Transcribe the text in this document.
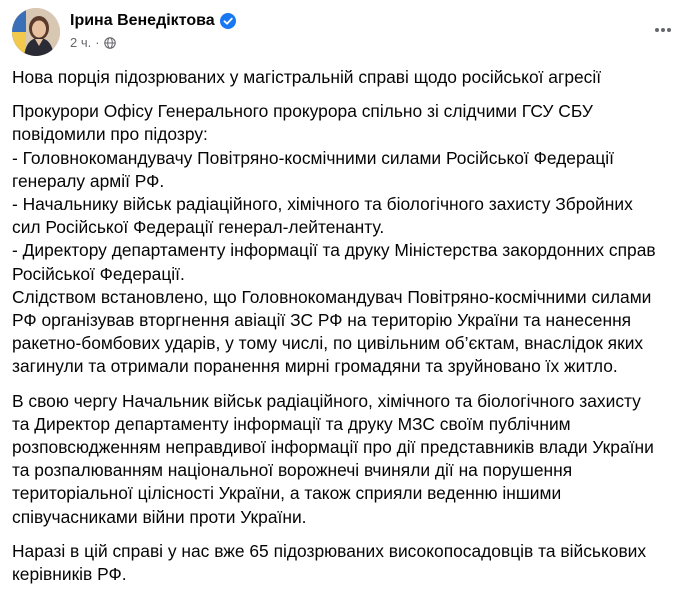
Ірина Венедіктова
2 ч. ·

Нова порція підозрюваних у магістральній справі щодо російської агресії

Прокурори Офісу Генерального прокурора спільно зі слідчими ГСУ СБУ
повідомили про підозру:
- Головнокомандувачу Повітряно-космічними силами Російської Федерації
генералу армії РФ.
- Начальнику військ радіаційного, хімічного та біологічного захисту Збройних
сил Російської Федерації генерал-лейтенанту.
- Директору департаменту інформації та друку Міністерства закордонних справ
Російської Федерації.
Слідством встановлено, що Головнокомандувач Повітряно-космічними силами
РФ організував вторгнення авіації ЗС РФ на територію України та нанесення
ракетно-бомбових ударів, у тому числі, по цивільним об’єктам, внаслідок яких
загинули та отримали поранення мирні громадяни та зруйновано їх житло.

В свою чергу Начальник військ радіаційного, хімічного та біологічного захисту
та Директор департаменту інформації та друку МЗС своїм публічним
розповсюдженням неправдивої інформації про дії представників влади України
та розпалюванням національної ворожнечі вчиняли дії на порушення
територіальної цілісності України, а також сприяли веденню іншими
співучасниками війни проти України.

Наразі в цій справі у нас вже 65 підозрюваних високопосадовців та військових
керівників РФ.
